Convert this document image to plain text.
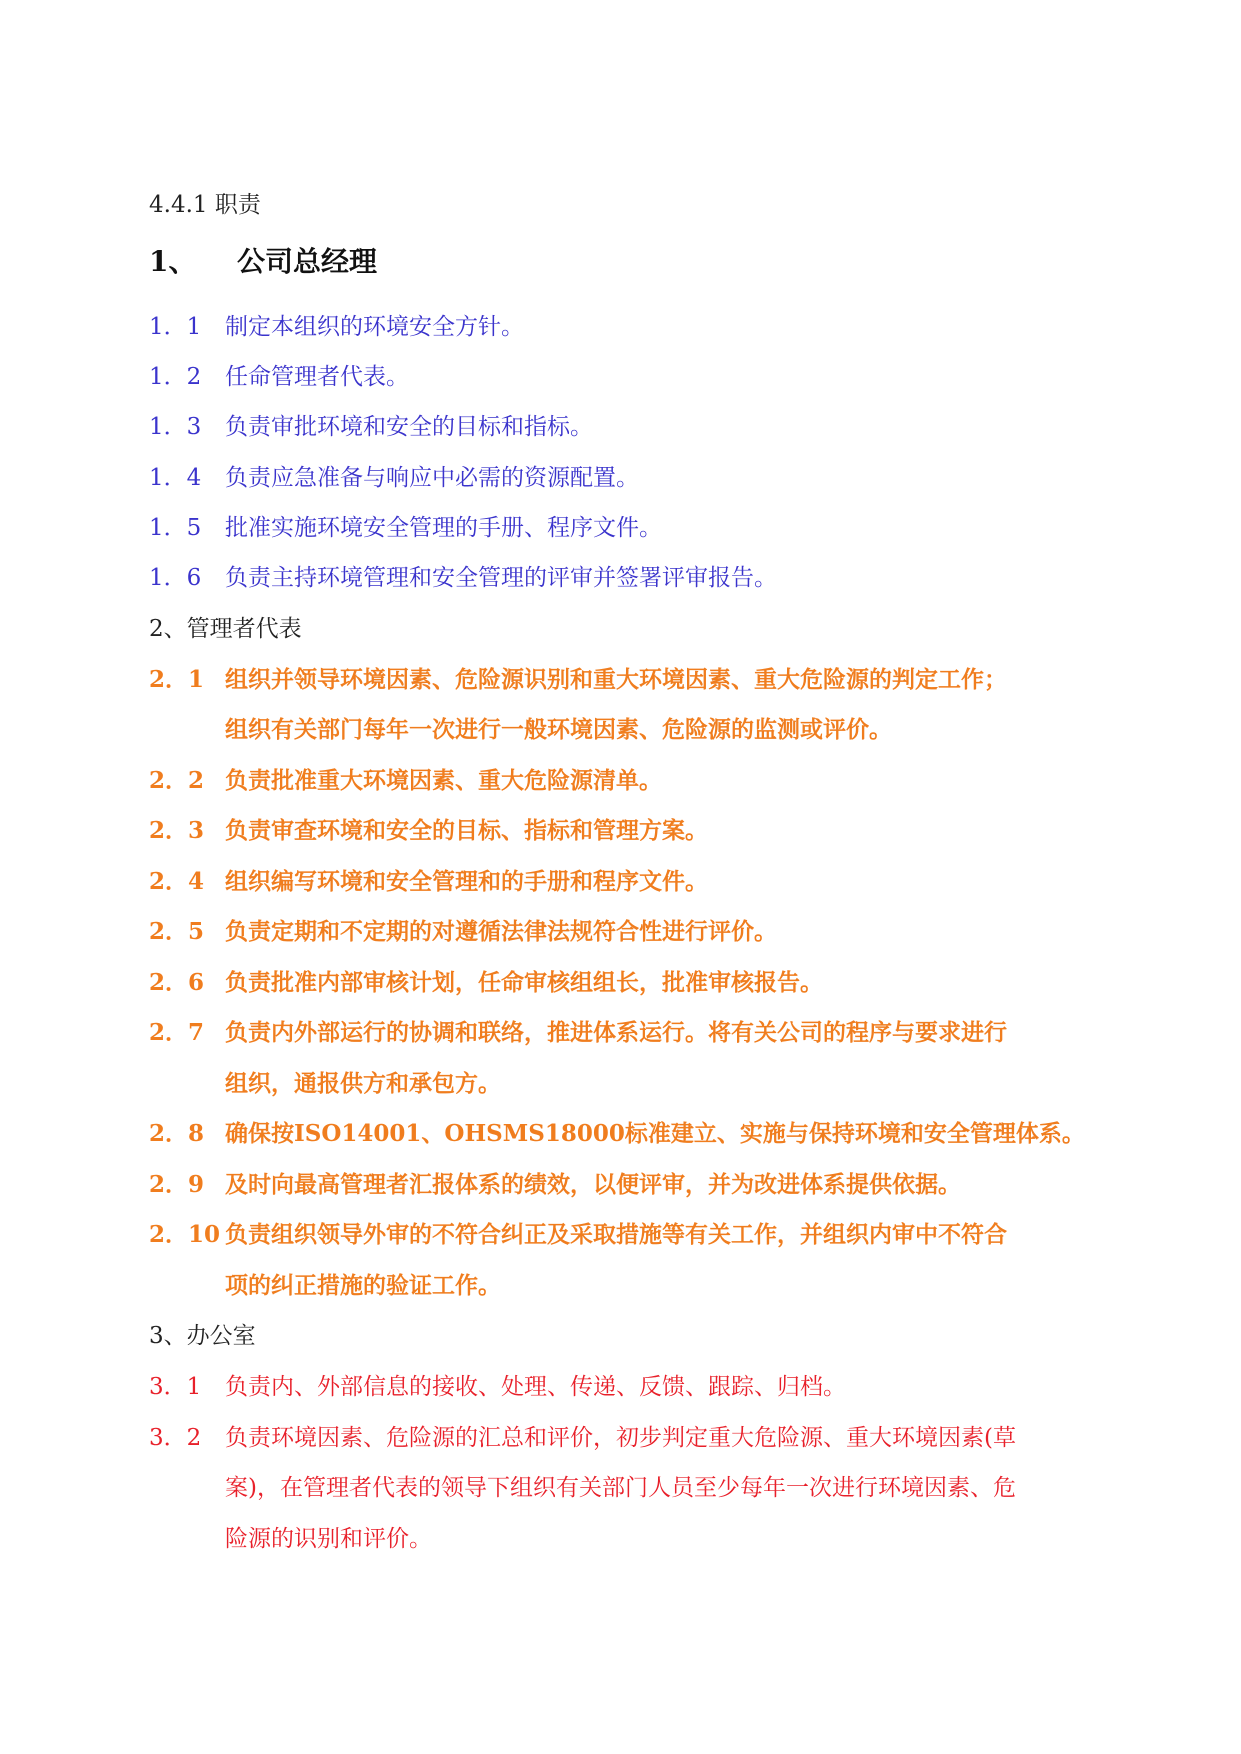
4.4.1 职责
1、 公司总经理
1．1 制定本组织的环境安全方针。
1．2 任命管理者代表。
1．3 负责审批环境和安全的目标和指标。
1．4 负责应急准备与响应中必需的资源配置。
1．5 批准实施环境安全管理的手册、程序文件。
1．6 负责主持环境管理和安全管理的评审并签署评审报告。
2、管理者代表
2．1 组织并领导环境因素、危险源识别和重大环境因素、重大危险源的判定工作；
组织有关部门每年一次进行一般环境因素、危险源的监测或评价。
2．2 负责批准重大环境因素、重大危险源清单。
2．3 负责审查环境和安全的目标、指标和管理方案。
2．4 组织编写环境和安全管理和的手册和程序文件。
2．5 负责定期和不定期的对遵循法律法规符合性进行评价。
2．6 负责批准内部审核计划，任命审核组组长，批准审核报告。
2．7 负责内外部运行的协调和联络，推进体系运行。将有关公司的程序与要求进行
组织，通报供方和承包方。
2．8 确保按ISO14001、OHSMS18000标准建立、实施与保持环境和安全管理体系。
2．9 及时向最高管理者汇报体系的绩效，以便评审，并为改进体系提供依据。
2．10 负责组织领导外审的不符合纠正及采取措施等有关工作，并组织内审中不符合
项的纠正措施的验证工作。
3、办公室
3．1 负责内、外部信息的接收、处理、传递、反馈、跟踪、归档。
3．2 负责环境因素、危险源的汇总和评价，初步判定重大危险源、重大环境因素(草
案)，在管理者代表的领导下组织有关部门人员至少每年一次进行环境因素、危
险源的识别和评价。
